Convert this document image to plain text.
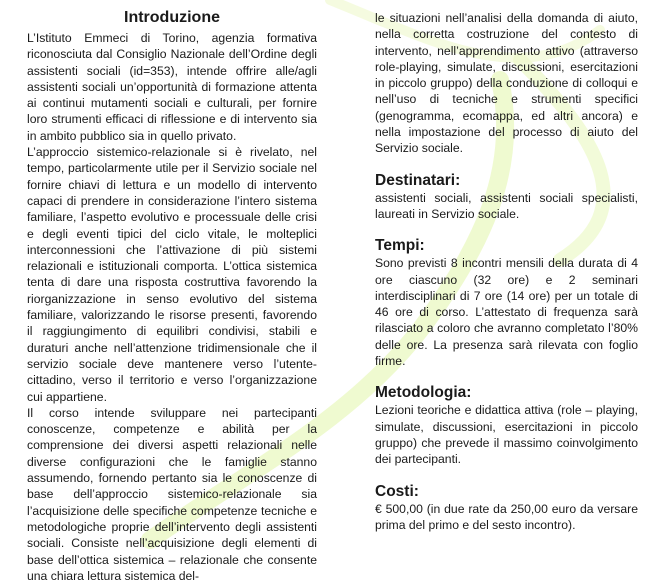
Introduzione

L’Istituto Emmeci di Torino, agenzia formativa riconosciuta dal Consiglio Nazionale dell’Ordine degli assistenti sociali (id=353), intende offrire alle/agli assistenti sociali un’opportunità di formazione attenta ai continui mutamenti sociali e culturali, per fornire loro strumenti efficaci di riflessione e di intervento sia in ambito pubblico sia in quello privato.

L’approccio sistemico-relazionale si è rivelato, nel tempo, particolarmente utile per il Servizio sociale nel fornire chiavi di lettura e un modello di intervento capaci di prendere in considerazione l’intero sistema familiare, l’aspetto evolutivo e processuale delle crisi e degli eventi tipici del ciclo vitale, le molteplici interconnessioni che l’attivazione di più sistemi relazionali e istituzionali comporta. L’ottica sistemica tenta di dare una risposta costruttiva favorendo la riorganizzazione in senso evolutivo del sistema familiare, valorizzando le risorse presenti, favorendo il raggiungimento di equilibri condivisi, stabili e duraturi anche nell’attenzione tridimensionale che il servizio sociale deve mantenere verso l’utente-cittadino, verso il territorio e verso l’organizzazione cui appartiene.

Il corso intende sviluppare nei partecipanti conoscenze, competenze e abilità per la comprensione dei diversi aspetti relazionali nelle diverse configurazioni che le famiglie stanno assumendo, fornendo pertanto sia le conoscenze di base dell’approccio sistemico-relazionale sia l’acquisizione delle specifiche competenze tecniche e metodologiche proprie dell’intervento degli assistenti sociali. Consiste nell’acquisizione degli elementi di base dell’ottica sistemica – relazionale che consente una chiara lettura sistemica del-

le situazioni nell’analisi della domanda di aiuto, nella corretta costruzione del contesto di intervento, nell’apprendimento attivo (attraverso role-playing, simulate, discussioni, esercitazioni in piccolo gruppo) della conduzione di colloqui e nell’uso di tecniche e strumenti specifici (genogramma, ecomappa, ed altri ancora) e nella impostazione del processo di aiuto del Servizio sociale.

Destinatari:

assistenti sociali, assistenti sociali specialisti, laureati in Servizio sociale.

Tempi:

Sono previsti 8 incontri mensili della durata di 4 ore ciascuno (32 ore) e 2 seminari interdisciplinari di 7 ore (14 ore) per un totale di 46 ore di corso. L’attestato di frequenza sarà rilasciato a coloro che avranno completato l’80% delle ore. La presenza sarà rilevata con foglio firme.

Metodologia:

Lezioni teoriche e didattica attiva (role – playing, simulate, discussioni, esercitazioni in piccolo gruppo) che prevede il massimo coinvolgimento dei partecipanti.

Costi:

€ 500,00 (in due rate da 250,00 euro da versare prima del primo e del sesto incontro).
